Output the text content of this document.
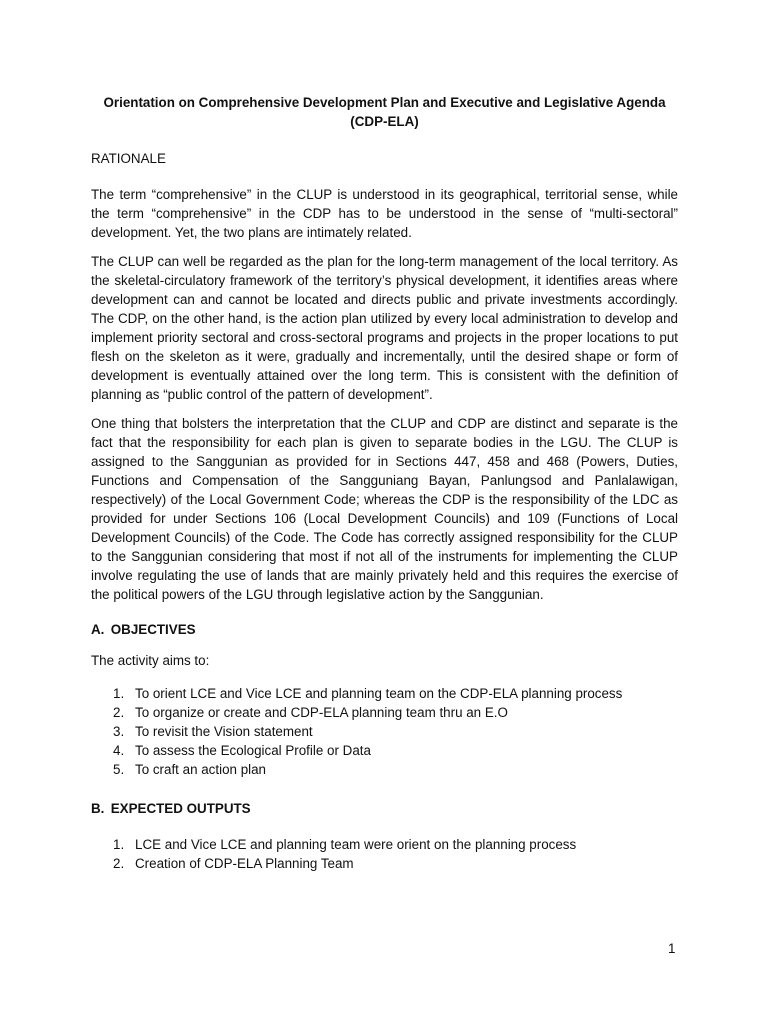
Orientation on Comprehensive Development Plan and Executive and Legislative Agenda
(CDP-ELA)
RATIONALE

The term “comprehensive” in the CLUP is understood in its geographical, territorial sense, while the term “comprehensive” in the CDP has to be understood in the sense of “multi-sectoral” development. Yet, the two plans are intimately related.

The CLUP can well be regarded as the plan for the long-term management of the local territory. As the skeletal-circulatory framework of the territory’s physical development, it identifies areas where development can and cannot be located and directs public and private investments accordingly. The CDP, on the other hand, is the action plan utilized by every local administration to develop and implement priority sectoral and cross-sectoral programs and projects in the proper locations to put flesh on the skeleton as it were, gradually and incrementally, until the desired shape or form of development is eventually attained over the long term. This is consistent with the definition of planning as “public control of the pattern of development”.

One thing that bolsters the interpretation that the CLUP and CDP are distinct and separate is the fact that the responsibility for each plan is given to separate bodies in the LGU. The CLUP is assigned to the Sanggunian as provided for in Sections 447, 458 and 468 (Powers, Duties, Functions and Compensation of the Sangguniang Bayan, Panlungsod and Panlalawigan, respectively) of the Local Government Code; whereas the CDP is the responsibility of the LDC as provided for under Sections 106 (Local Development Councils) and 109 (Functions of Local Development Councils) of the Code. The Code has correctly assigned responsibility for the CLUP to the Sanggunian considering that most if not all of the instruments for implementing the CLUP involve regulating the use of lands that are mainly privately held and this requires the exercise of the political powers of the LGU through legislative action by the Sanggunian.

A. OBJECTIVES
The activity aims to:
1. To orient LCE and Vice LCE and planning team on the CDP-ELA planning process
2. To organize or create and CDP-ELA planning team thru an E.O
3. To revisit the Vision statement
4. To assess the Ecological Profile or Data
5. To craft an action plan
B. EXPECTED OUTPUTS
1. LCE and Vice LCE and planning team were orient on the planning process
2. Creation of CDP-ELA Planning Team
1
